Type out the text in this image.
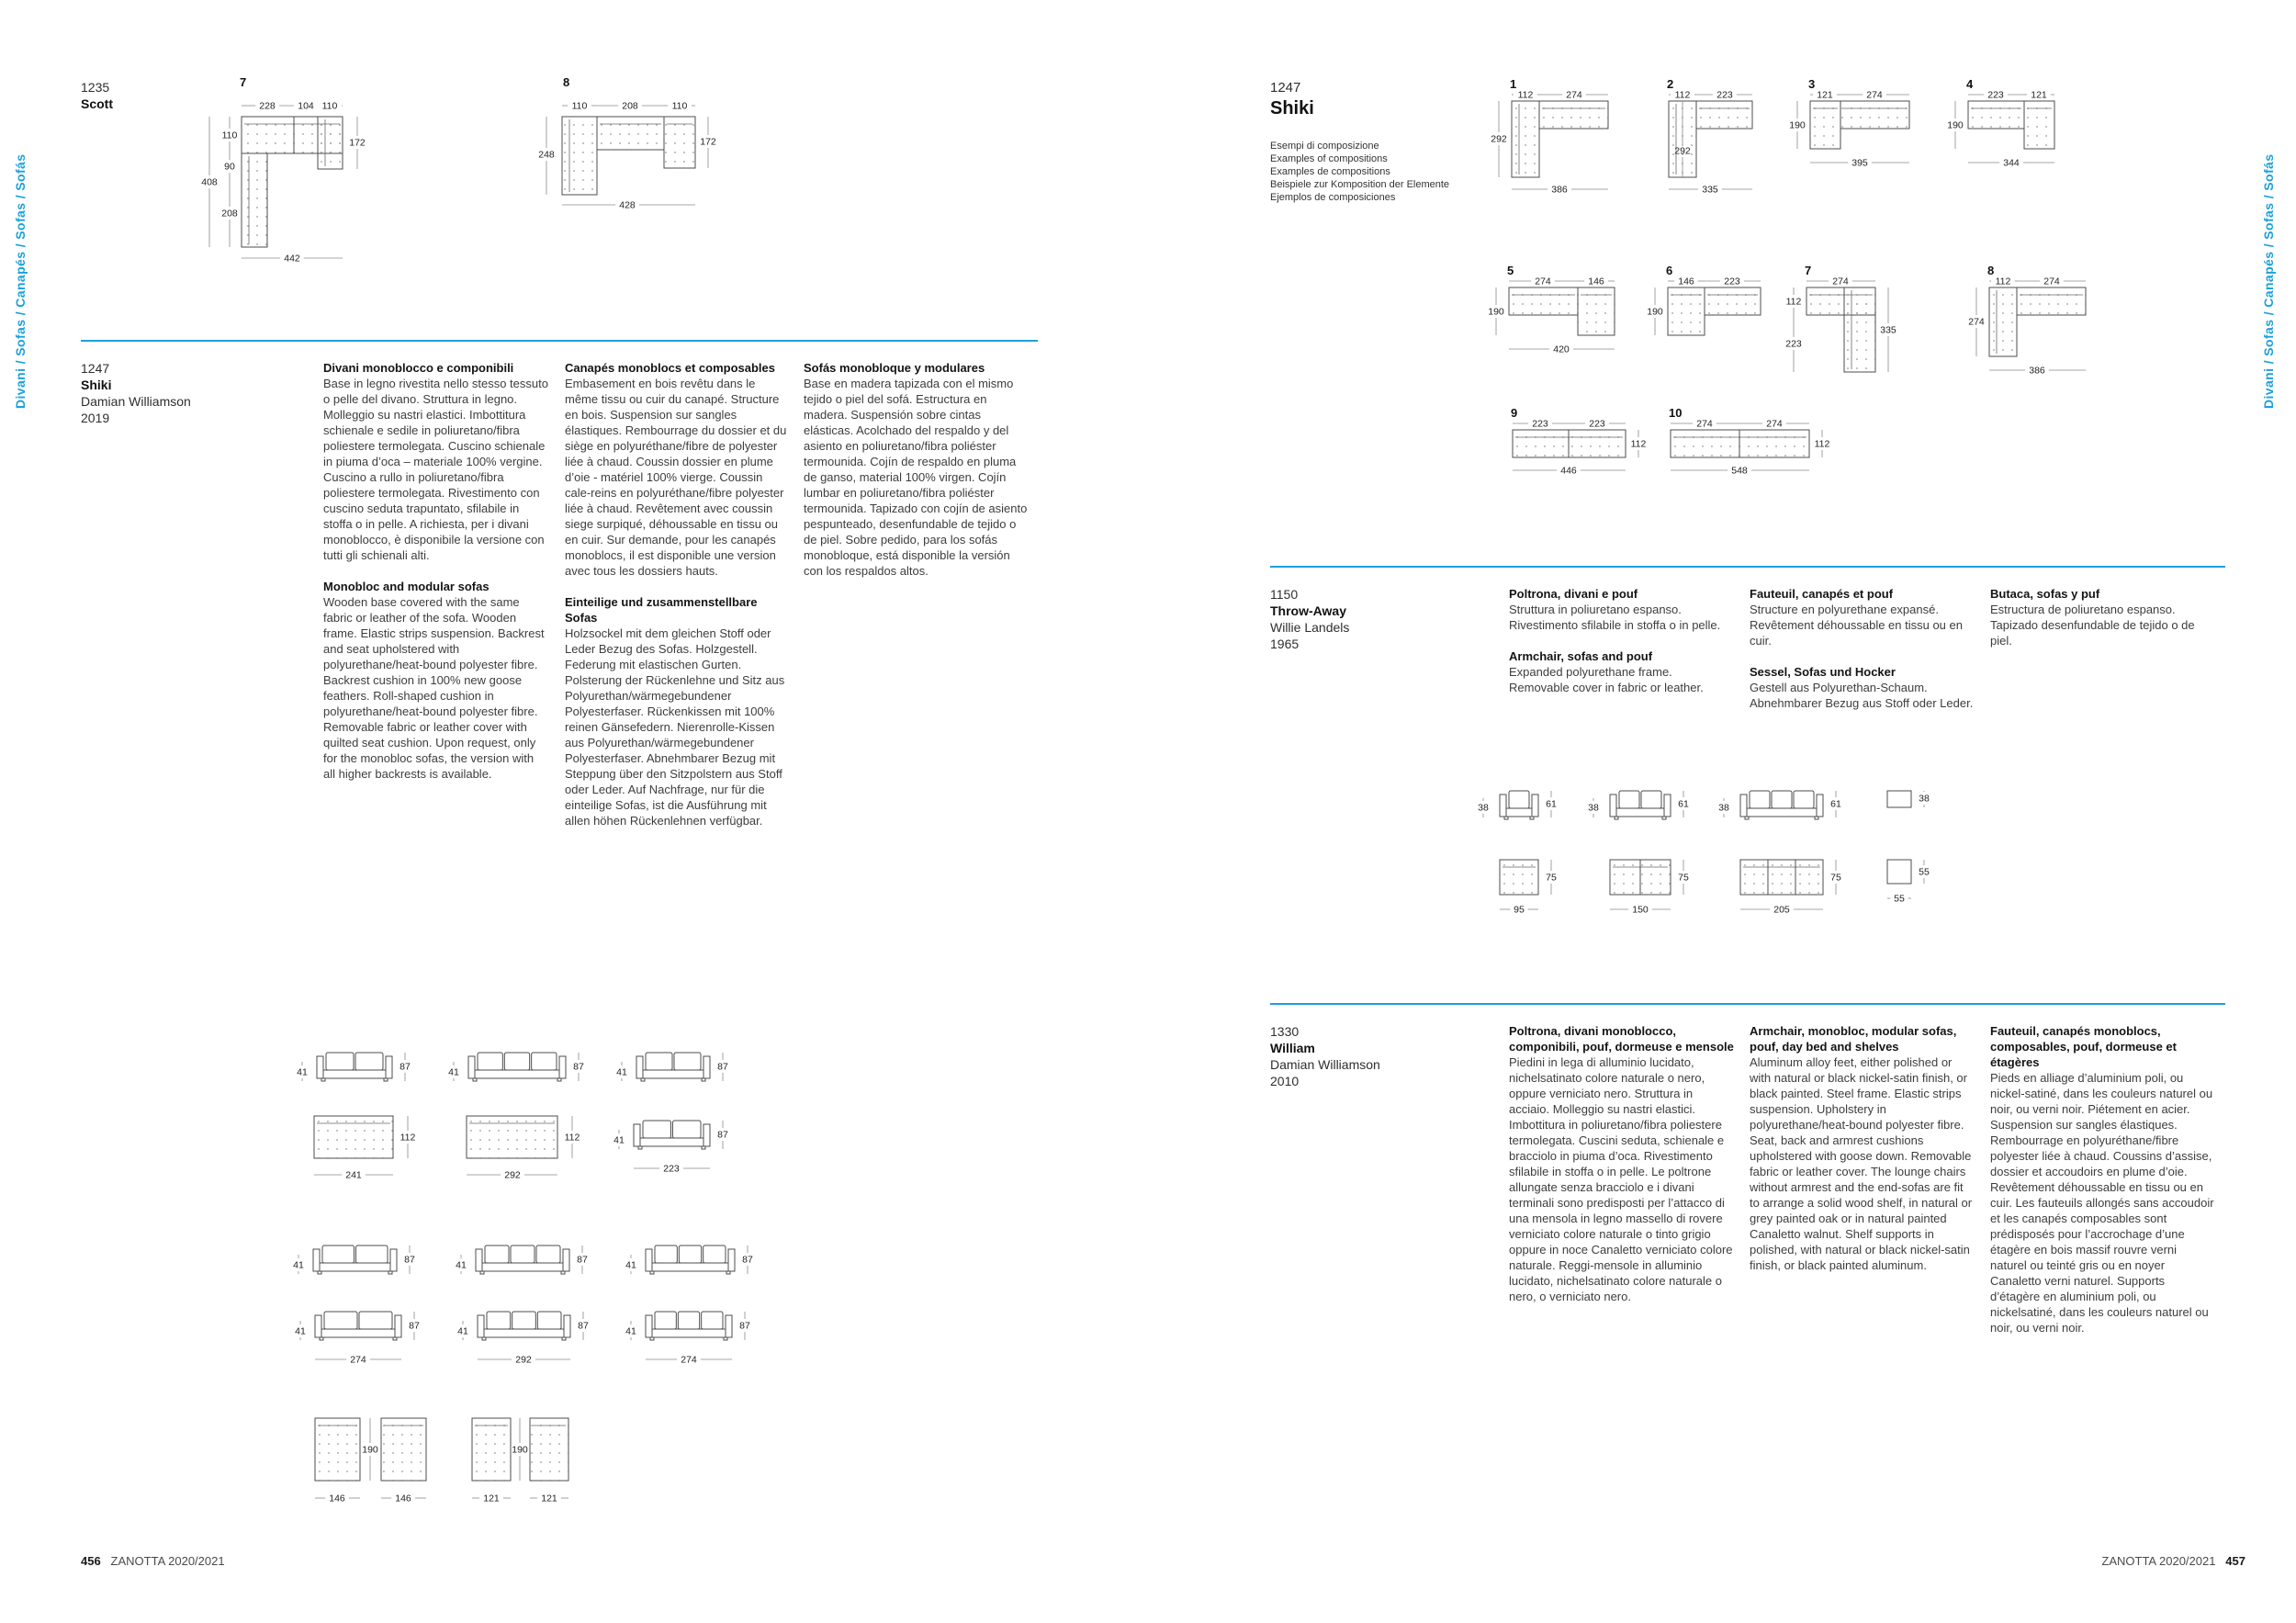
Divani / Sofas / Canapés / Sofas / Sofás	Divani / Sofas / Canapés / Sofas / Sofás
1235
Scott
1247
Shiki
Damian Williamson
2019

Divani monoblocco e componibili

Base in legno rivestita nello stesso tessuto o pelle del divano. Struttura in legno. Molleggio su nastri elastici. Imbottitura schienale e sedile in poliuretano/fibra poliestere termolegata. Cuscino schienale in piuma d’oca – materiale 100% vergine. Cuscino a rullo in poliuretano/fibra poliestere termolegata. Rivestimento con cuscino seduta trapuntato, sfilabile in stoffa o in pelle. A richiesta, per i divani monoblocco, è disponibile la versione con tutti gli schienali alti.

Monobloc and modular sofas

Wooden base covered with the same fabric or leather of the sofa. Wooden frame. Elastic strips suspension. Backrest and seat upholstered with polyurethane/heat-bound polyester fibre. Backrest cushion in 100% new goose feathers. Roll-shaped cushion in polyurethane/heat-bound polyester fibre. Removable fabric or leather cover with quilted seat cushion. Upon request, only for the monobloc sofas, the version with all higher backrests is available.

Canapés monoblocs et composables

Embasement en bois revêtu dans le même tissu ou cuir du canapé. Structure en bois. Suspension sur sangles élastiques. Rembourrage du dossier et du siège en polyuréthane/fibre de polyester liée à chaud. Coussin dossier en plume d’oie - matériel 100% vierge. Coussin cale-reins en polyuréthane/fibre polyester liée à chaud. Revêtement avec coussin siege surpiqué, déhoussable en tissu ou en cuir. Sur demande, pour les canapés monoblocs, il est disponible une version avec tous les dossiers hauts.

Einteilige und zusammenstellbare Sofas

Holzsockel mit dem gleichen Stoff oder Leder Bezug des Sofas. Holzgestell. Federung mit elastischen Gurten. Polsterung der Rückenlehne und Sitz aus Polyurethan/wärmegebundener Polyesterfaser. Rückenkissen mit 100% reinen Gänsefedern. Nierenrolle-Kissen aus Polyurethan/wärmegebundener Polyesterfaser. Abnehmbarer Bezug mit Steppung über den Sitzpolstern aus Stoff oder Leder. Auf Nachfrage, nur für die einteilige Sofas, ist die Ausführung mit allen höhen Rückenlehnen verfügbar.

Sofás monobloque y modulares

Base en madera tapizada con el mismo tejido o piel del sofá. Estructura en madera. Suspensión sobre cintas elásticas. Acolchado del respaldo y del asiento en poliuretano/fibra poliéster termounida. Cojín de respaldo en pluma de ganso, material 100% virgen. Cojín lumbar en poliuretano/fibra poliéster termounida. Tapizado con cojín de asiento pespunteado, desenfundable de tejido o de piel. Sobre pedido, para los sofás monobloque, está disponible la versión con los respaldos altos.

1247
Shiki
Esempi di composizione
Examples of compositions
Examples de compositions
Beispiele zur Komposition der Elemente
Ejemplos de composiciones
1150
Throw-Away
Willie Landels
1965

Poltrona, divani e pouf

Struttura in poliuretano espanso. Rivestimento sfilabile in stoffa o in pelle.

Armchair, sofas and pouf

Expanded polyurethane frame. Removable cover in fabric or leather.

Fauteuil, canapés et pouf

Structure en polyurethane expansé. Revêtement déhoussable en tissu ou en cuir.

Sessel, Sofas und Hocker

Gestell aus Polyurethan-Schaum. Abnehmbarer Bezug aus Stoff oder Leder.

Butaca, sofas y puf

Estructura de poliuretano espanso. Tapizado desenfundable de tejido o de piel.

1330
William
Damian Williamson
2010

Poltrona, divani monoblocco, componibili, pouf, dormeuse e mensole

Piedini in lega di alluminio lucidato, nichelsatinato colore naturale o nero, oppure verniciato nero. Struttura in acciaio. Molleggio su nastri elastici. Imbottitura in poliuretano/fibra poliestere termolegata. Cuscini seduta, schienale e bracciolo in piuma d’oca. Rivestimento sfilabile in stoffa o in pelle. Le poltrone allungate senza bracciolo e i divani terminali sono predisposti per l’attacco di una mensola in legno massello di rovere verniciato colore naturale o tinto grigio oppure in noce Canaletto verniciato colore naturale. Reggi-mensole in alluminio lucidato, nichelsatinato colore naturale o nero, o verniciato nero.

Armchair, monobloc, modular sofas, pouf, day bed and shelves

Aluminum alloy feet, either polished or with natural or black nickel-satin finish, or black painted. Steel frame. Elastic strips suspension. Upholstery in polyurethane/heat-bound polyester fibre. Seat, back and armrest cushions upholstered with goose down. Removable fabric or leather cover. The lounge chairs without armrest and the end-sofas are fit to arrange a solid wood shelf, in natural or grey painted oak or in natural painted Canaletto walnut. Shelf supports in polished, with natural or black nickel-satin finish, or black painted aluminum.

Fauteuil, canapés monoblocs, composables, pouf, dormeuse et étagères

Pieds en alliage d’aluminium poli, ou nickel-satiné, dans les couleurs naturel ou noir, ou verni noir. Piétement en acier. Suspension sur sangles élastiques. Rembourrage en polyuréthane/fibre polyester liée à chaud. Coussins d’assise, dossier et accoudoirs en plume d’oie. Revêtement déhoussable en tissu ou en cuir. Les fauteuils allongés sans accoudoir et les canapés composables sont prédisposés pour l’accrochage d’une étagère en bois massif rouvre verni naturel ou teinté gris ou en noyer Canaletto verni naturel. Supports d’étagère en aluminium poli, ou nickelsatiné, dans les couleurs naturel ou noir, ou verni noir.

456 ZANOTTA 2020/2021	ZANOTTA 2020/2021 457
7
228 104 110
110
90
208
408
172
442
8
110	208	110
248
172
428
1
112	274
292
386
2
112	223
292
335
3
121	274
190
395
4
223	121
190
344
5
274	146
190
420
6
146	223
190
7
274
112
223
335
8
112	274
274
386
9
223	223
112
446
10
274	274
112
548
41	87	41	87	41	87
112
241
112
292
41	87
223
41	87	41	87	41	87
41	87
274
41	87
292
41	87
274
190
146	146
190
121	121
38	61	38	61	38	61	38
75
95
75
150
75
205
55
55
